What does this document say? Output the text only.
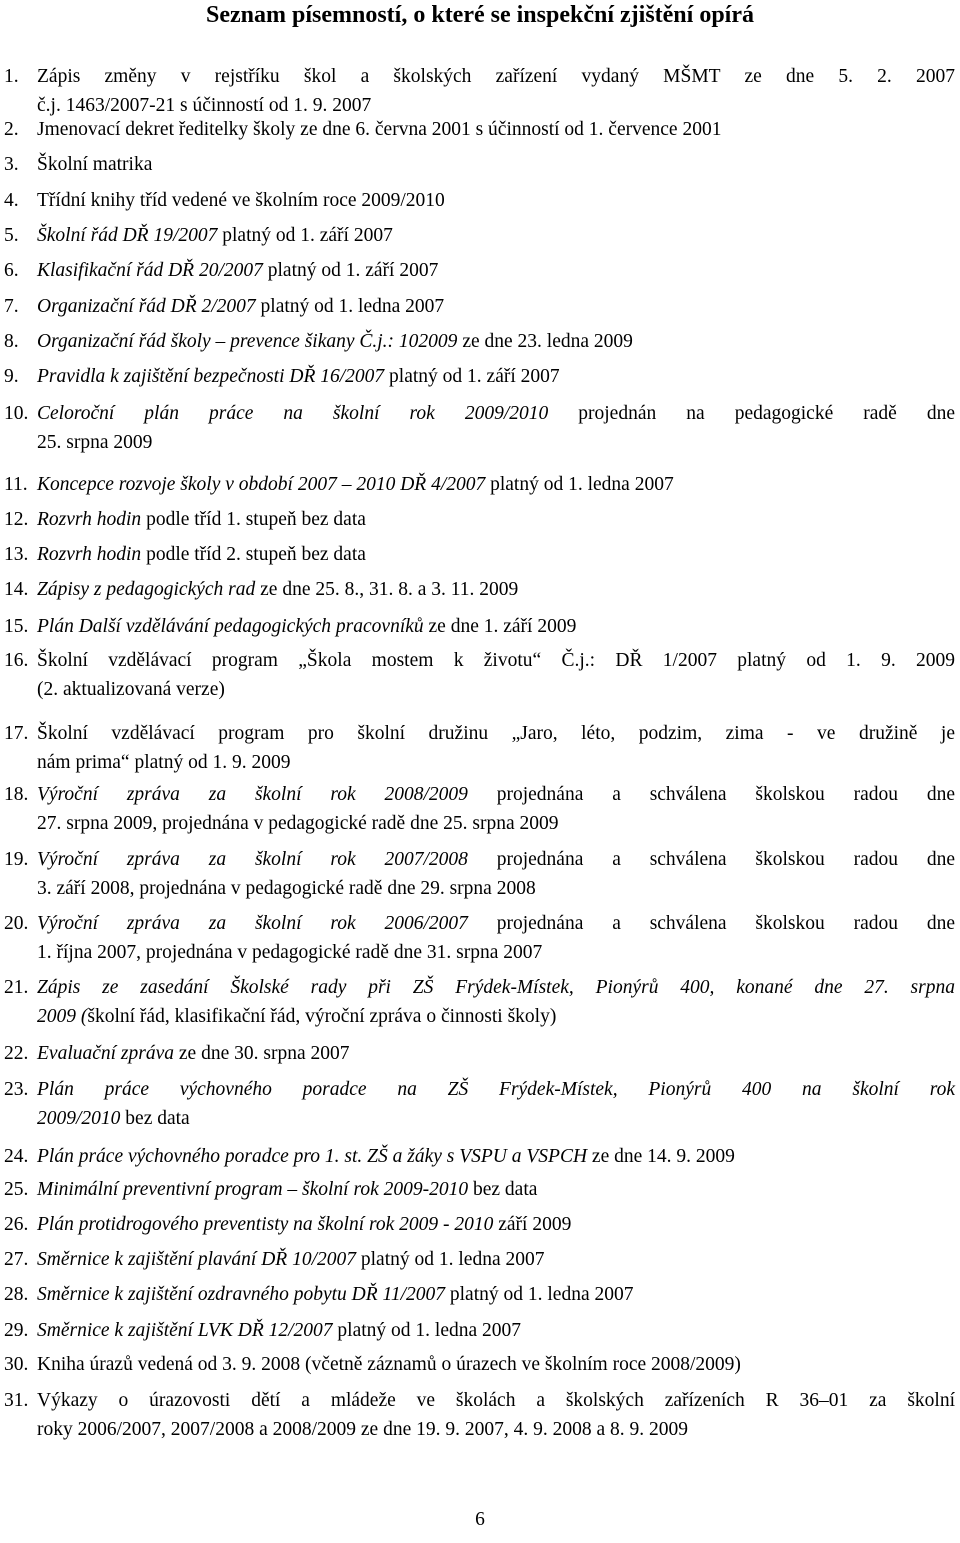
Seznam písemností, o které se inspekční zjištění opírá
1. Zápis změny v rejstříku škol a školských zařízení vydaný MŠMT ze dne 5. 2. 2007
č.j. 1463/2007-21 s účinností od 1. 9. 2007
2. Jmenovací dekret ředitelky školy ze dne 6. června 2001 s účinností od 1. července 2001
3. Školní matrika
4. Třídní knihy tříd vedené ve školním roce 2009/2010
5. Školní řád DŘ 19/2007 platný od 1. září 2007
6. Klasifikační řád DŘ 20/2007 platný od 1. září 2007
7. Organizační řád DŘ 2/2007 platný od 1. ledna 2007
8. Organizační řád školy – prevence šikany Č.j.: 102009 ze dne 23. ledna 2009
9. Pravidla k zajištění bezpečnosti DŘ 16/2007 platný od 1. září 2007
10. Celoroční plán práce na školní rok 2009/2010 projednán na pedagogické radě dne
25. srpna 2009
11. Koncepce rozvoje školy v období 2007 – 2010 DŘ 4/2007 platný od 1. ledna 2007
12. Rozvrh hodin podle tříd 1. stupeň bez data
13. Rozvrh hodin podle tříd 2. stupeň bez data
14. Zápisy z pedagogických rad ze dne 25. 8., 31. 8. a 3. 11. 2009
15. Plán Další vzdělávání pedagogických pracovníků ze dne 1. září 2009
16. Školní vzdělávací program „Škola mostem k životu“ Č.j.: DŘ 1/2007 platný od 1. 9. 2009
(2. aktualizovaná verze)
17. Školní vzdělávací program pro školní družinu „Jaro, léto, podzim, zima - ve družině je
nám prima“ platný od 1. 9. 2009
18. Výroční zpráva za školní rok 2008/2009 projednána a schválena školskou radou dne
27. srpna 2009, projednána v pedagogické radě dne 25. srpna 2009
19. Výroční zpráva za školní rok 2007/2008 projednána a schválena školskou radou dne
3. září 2008, projednána v pedagogické radě dne 29. srpna 2008
20. Výroční zpráva za školní rok 2006/2007 projednána a schválena školskou radou dne
1. října 2007, projednána v pedagogické radě dne 31. srpna 2007
21. Zápis ze zasedání Školské rady při ZŠ Frýdek-Místek, Pionýrů 400, konané dne 27. srpna
2009 (školní řád, klasifikační řád, výroční zpráva o činnosti školy)
22. Evaluační zpráva ze dne 30. srpna 2007
23. Plán práce výchovného poradce na ZŠ Frýdek-Místek, Pionýrů 400 na školní rok
2009/2010 bez data
24. Plán práce výchovného poradce pro 1. st. ZŠ a žáky s VSPU a VSPCH ze dne 14. 9. 2009
25. Minimální preventivní program – školní rok 2009-2010 bez data
26. Plán protidrogového preventisty na školní rok 2009 - 2010 září 2009
27. Směrnice k zajištění plavání DŘ 10/2007 platný od 1. ledna 2007
28. Směrnice k zajištění ozdravného pobytu DŘ 11/2007 platný od 1. ledna 2007
29. Směrnice k zajištění LVK DŘ 12/2007 platný od 1. ledna 2007
30. Kniha úrazů vedená od 3. 9. 2008 (včetně záznamů o úrazech ve školním roce 2008/2009)
31. Výkazy o úrazovosti dětí a mládeže ve školách a školských zařízeních R 36–01 za školní
roky 2006/2007, 2007/2008 a 2008/2009 ze dne 19. 9. 2007, 4. 9. 2008 a 8. 9. 2009
6
